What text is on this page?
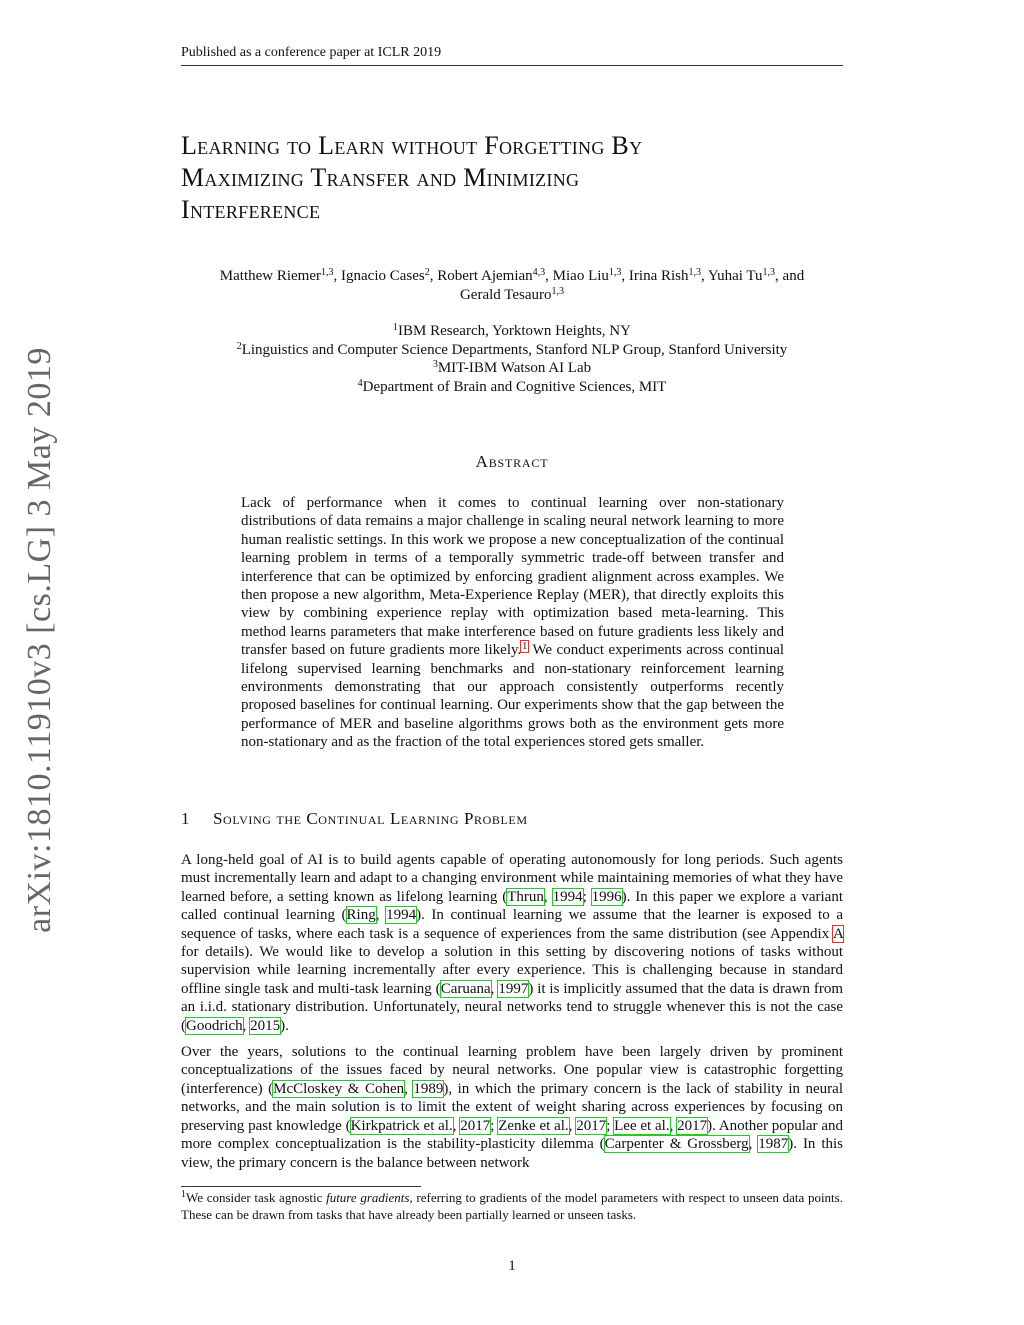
Published as a conference paper at ICLR 2019
arXiv:1810.11910v3 [cs.LG] 3 May 2019
Learning to Learn without Forgetting By
Maximizing Transfer and Minimizing
Interference
Matthew Riemer$^{1,3}$, Ignacio Cases$^2$, Robert Ajemian$^{4,3}$, Miao Liu$^{1,3}$, Irina Rish$^{1,3}$, Yuhai Tu$^{1,3}$, and
Gerald Tesauro$^{1,3}$
$^1$IBM Research, Yorktown Heights, NY
$^2$Linguistics and Computer Science Departments, Stanford NLP Group, Stanford University
$^3$MIT-IBM Watson AI Lab
$^4$Department of Brain and Cognitive Sciences, MIT
Abstract
Lack of performance when it comes to continual learning over non-stationary distributions of data remains a major challenge in scaling neural network learning to more human realistic settings. In this work we propose a new conceptualization of the continual learning problem in terms of a temporally symmetric trade-off between transfer and interference that can be optimized by enforcing gradient alignment across examples. We then propose a new algorithm, Meta-Experience Replay (MER), that directly exploits this view by combining experience replay with optimization based meta-learning. This method learns parameters that make interference based on future gradients less likely and transfer based on future gradients more likely.$^1$ We conduct experiments across continual lifelong supervised learning benchmarks and non-stationary reinforcement learning environments demonstrating that our approach consistently outperforms recently proposed baselines for continual learning. Our experiments show that the gap between the performance of MER and baseline algorithms grows both as the environment gets more non-stationary and as the fraction of the total experiences stored gets smaller.
1 Solving the Continual Learning Problem

A long-held goal of AI is to build agents capable of operating autonomously for long periods. Such agents must incrementally learn and adapt to a changing environment while maintaining memories of what they have learned before, a setting known as lifelong learning (Thrun, 1994; 1996). In this paper we explore a variant called continual learning (Ring, 1994). In continual learning we assume that the learner is exposed to a sequence of tasks, where each task is a sequence of experiences from the same distribution (see Appendix A for details). We would like to develop a solution in this setting by discovering notions of tasks without supervision while learning incrementally after every experience. This is challenging because in standard offline single task and multi-task learning (Caruana, 1997) it is implicitly assumed that the data is drawn from an i.i.d. stationary distribution. Unfortunately, neural networks tend to struggle whenever this is not the case (Goodrich, 2015).

Over the years, solutions to the continual learning problem have been largely driven by prominent conceptualizations of the issues faced by neural networks. One popular view is catastrophic forgetting (interference) (McCloskey & Cohen, 1989), in which the primary concern is the lack of stability in neural networks, and the main solution is to limit the extent of weight sharing across experiences by focusing on preserving past knowledge (Kirkpatrick et al., 2017; Zenke et al., 2017; Lee et al., 2017). Another popular and more complex conceptualization is the stability-plasticity dilemma (Carpenter & Grossberg, 1987). In this view, the primary concern is the balance between network

$^1$We consider task agnostic future gradients, referring to gradients of the model parameters with respect to unseen data points. These can be drawn from tasks that have already been partially learned or unseen tasks.
1
